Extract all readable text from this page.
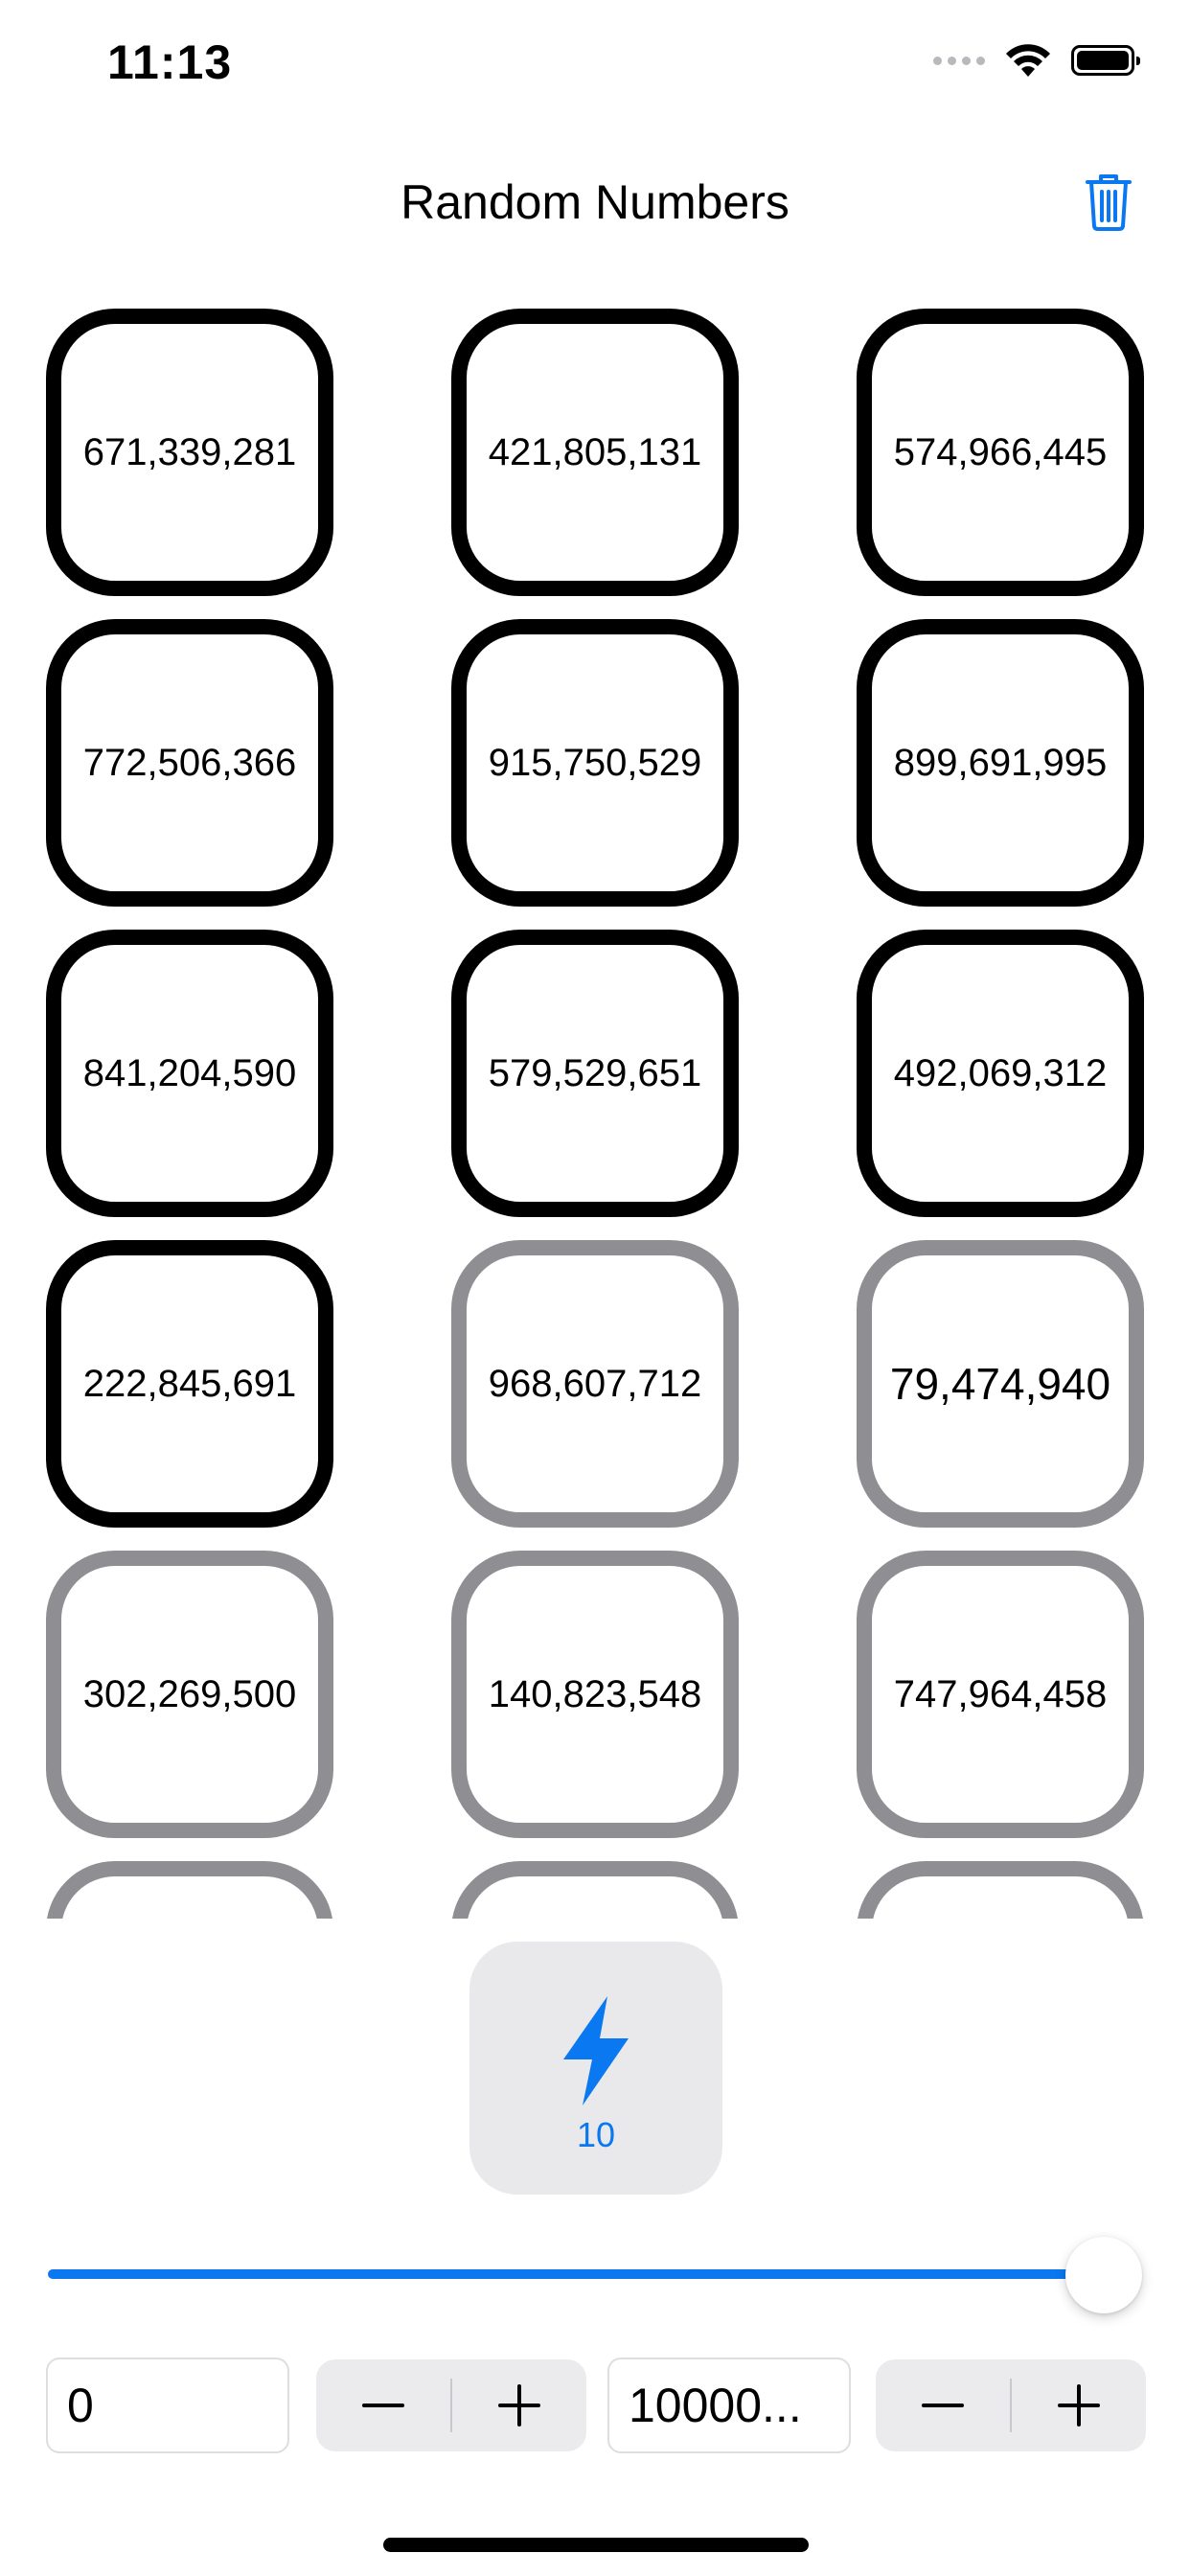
11:13
Random Numbers
671,339,281	421,805,131	574,966,445
772,506,366	915,750,529	899,691,995
841,204,590	579,529,651	492,069,312
222,845,691	968,607,712	79,474,940
302,269,500	140,823,548	747,964,458
10
0	10000...
